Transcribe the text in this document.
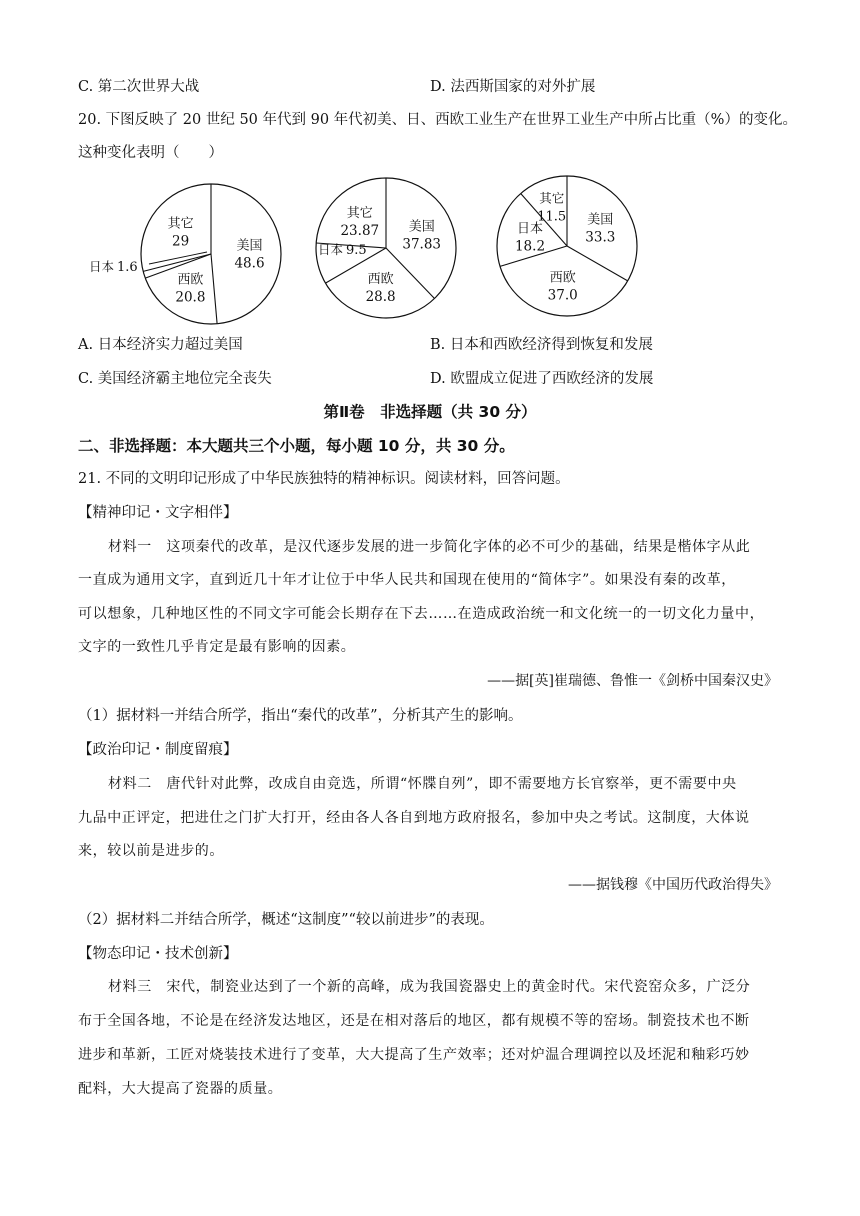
C. 第二次世界大战	D. 法西斯国家的对外扩展
20. 下图反映了 20 世纪 50 年代到 90 年代初美、日、西欧工业生产在世界工业生产中所占比重（%）的变化。
这种变化表明（　　）
美国
48.6
西欧
20.8
日本 1.6
其它
29
美国
37.83
西欧
28.8
日本 9.5
其它
23.87
美国
33.3
西欧
37.0
日本
18.2
其它
11.5
A. 日本经济实力超过美国	B. 日本和西欧经济得到恢复和发展
C. 美国经济霸主地位完全丧失	D. 欧盟成立促进了西欧经济的发展
第Ⅱ卷　非选择题（共 30 分）
二、非选择题：本大题共三个小题，每小题 10 分，共 30 分。
21. 不同的文明印记形成了中华民族独特的精神标识。阅读材料，回答问题。
【精神印记・文字相伴】
材料一　这项秦代的改革，是汉代逐步发展的进一步简化字体的必不可少的基础，结果是楷体字从此
一直成为通用文字，直到近几十年才让位于中华人民共和国现在使用的“简体字”。如果没有秦的改革，
可以想象，几种地区性的不同文字可能会长期存在下去……在造成政治统一和文化统一的一切文化力量中，
文字的一致性几乎肯定是最有影响的因素。
——据[英]崔瑞德、鲁惟一《剑桥中国秦汉史》
（1）据材料一并结合所学，指出“秦代的改革”，分析其产生的影响。
【政治印记・制度留痕】
材料二　唐代针对此弊，改成自由竞选，所谓“怀牒自列”，即不需要地方长官察举，更不需要中央
九品中正评定，把进仕之门扩大打开，经由各人各自到地方政府报名，参加中央之考试。这制度，大体说
来，较以前是进步的。
——据钱穆《中国历代政治得失》
（2）据材料二并结合所学，概述“这制度”“较以前进步”的表现。
【物态印记・技术创新】
材料三　宋代，制瓷业达到了一个新的高峰，成为我国瓷器史上的黄金时代。宋代瓷窑众多，广泛分
布于全国各地，不论是在经济发达地区，还是在相对落后的地区，都有规模不等的窑场。制瓷技术也不断
进步和革新，工匠对烧装技术进行了变革，大大提高了生产效率；还对炉温合理调控以及坯泥和釉彩巧妙
配料，大大提高了瓷器的质量。
